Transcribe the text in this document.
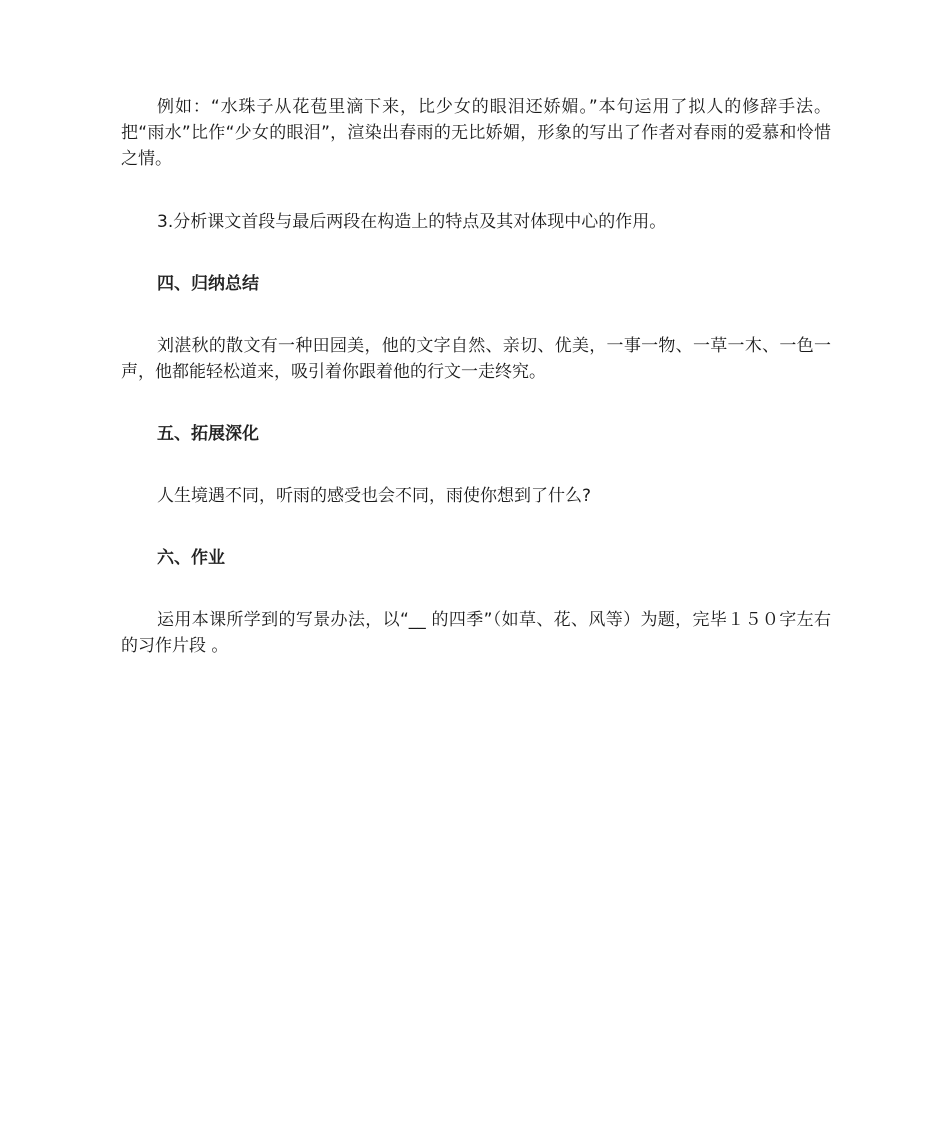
例如：“水珠子从花苞里滴下来，比少女的眼泪还娇媚。”本句运用了拟人的修辞手法。把“雨水”比作“少女的眼泪”，渲染出春雨的无比娇媚，形象的写出了作者对春雨的爱慕和怜惜之情。

3.分析课文首段与最后两段在构造上的特点及其对体现中心的作用。

四、归纳总结

刘湛秋的散文有一种田园美，他的文字自然、亲切、优美，一事一物、一草一木、一色一声，他都能轻松道来，吸引着你跟着他的行文一走终究。

五、拓展深化

人生境遇不同，听雨的感受也会不同，雨使你想到了什么?

六、作业

运用本课所学到的写景办法，以“__ 的四季”（如草、花、风等）为题，完毕１５０字左右的习作片段 。
